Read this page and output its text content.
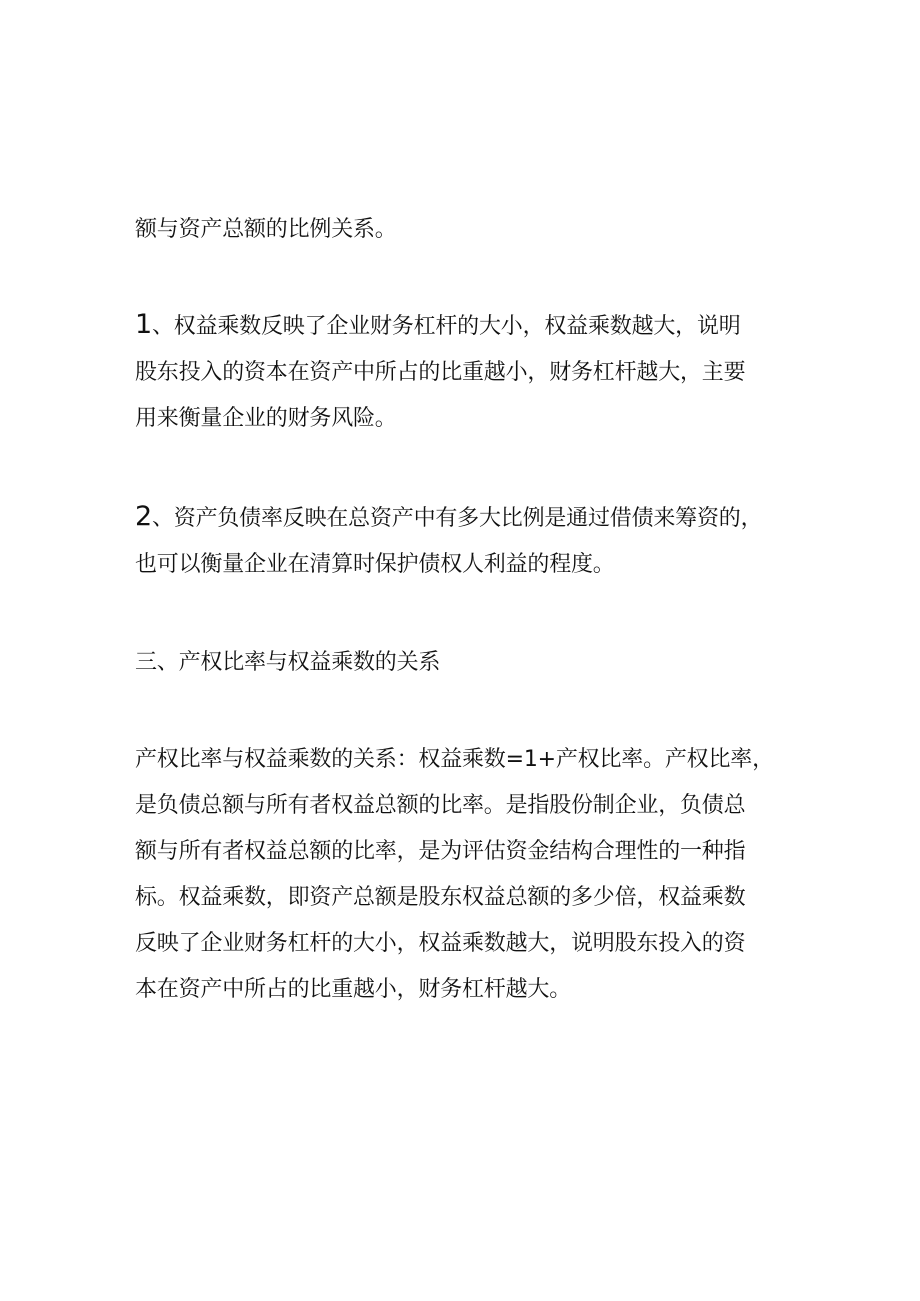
额与资产总额的比例关系。

1、权益乘数反映了企业财务杠杆的大小，权益乘数越大，说明
股东投入的资本在资产中所占的比重越小，财务杠杆越大，主要
用来衡量企业的财务风险。

2、资产负债率反映在总资产中有多大比例是通过借债来筹资的，
也可以衡量企业在清算时保护债权人利益的程度。

三、产权比率与权益乘数的关系

产权比率与权益乘数的关系：权益乘数=1+产权比率。产权比率，
是负债总额与所有者权益总额的比率。是指股份制企业，负债总
额与所有者权益总额的比率，是为评估资金结构合理性的一种指
标。权益乘数，即资产总额是股东权益总额的多少倍，权益乘数
反映了企业财务杠杆的大小，权益乘数越大，说明股东投入的资
本在资产中所占的比重越小，财务杠杆越大。
